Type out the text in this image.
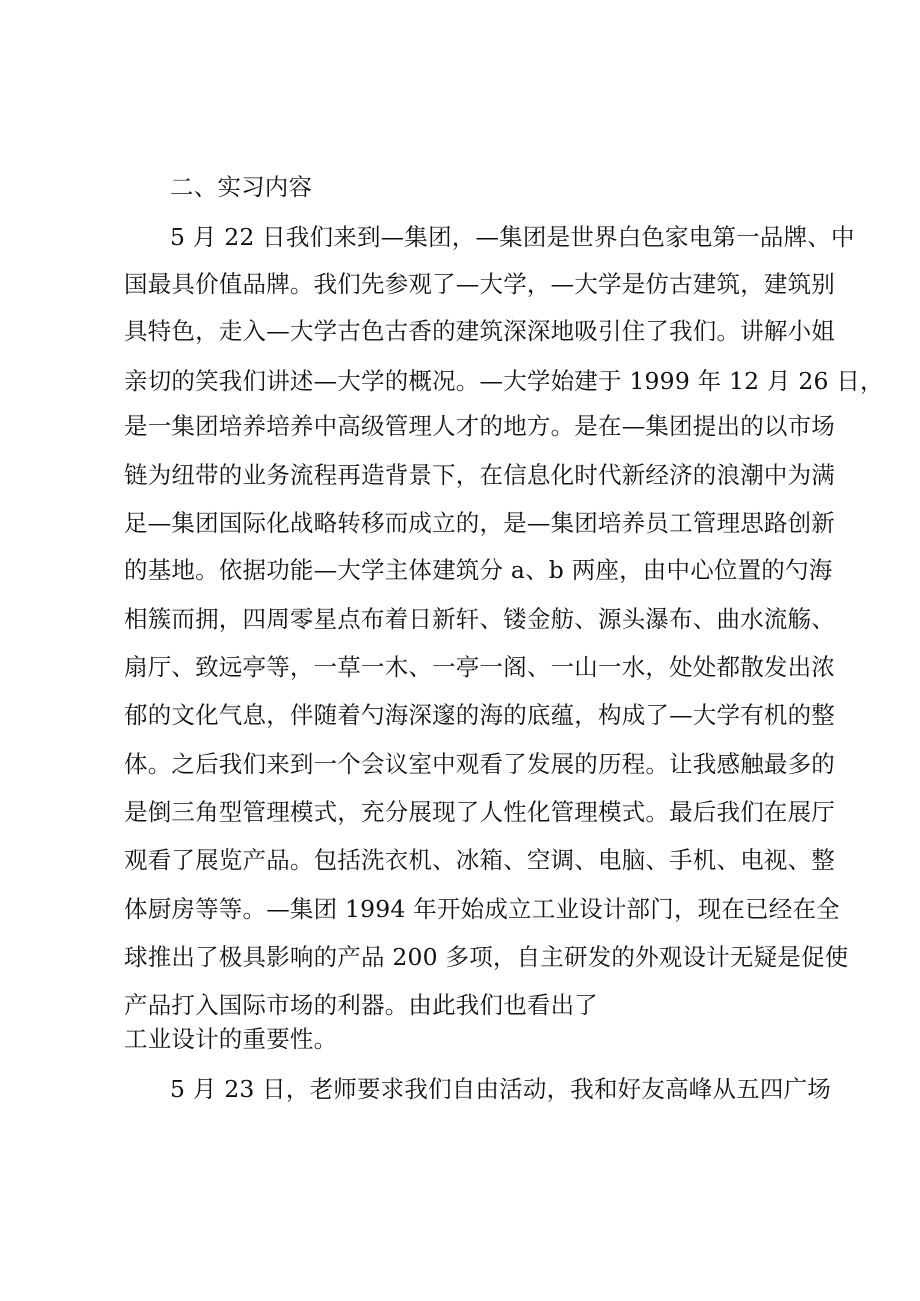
二、实习内容
5 月 22 日我们来到—集团，—集团是世界白色家电第一品牌、中
国最具价值品牌。我们先参观了—大学，—大学是仿古建筑，建筑别
具特色，走入—大学古色古香的建筑深深地吸引住了我们。讲解小姐
亲切的笑我们讲述—大学的概况。—大学始建于 1999 年 12 月 26 日，
是一集团培养培养中高级管理人才的地方。是在—集团提出的以市场
链为纽带的业务流程再造背景下，在信息化时代新经济的浪潮中为满
足—集团国际化战略转移而成立的，是—集团培养员工管理思路创新
的基地。依据功能—大学主体建筑分 a、b 两座，由中心位置的勺海
相簇而拥，四周零星点布着日新轩、镂金舫、源头瀑布、曲水流觞、
扇厅、致远亭等，一草一木、一亭一阁、一山一水，处处都散发出浓
郁的文化气息，伴随着勺海深邃的海的底蕴，构成了—大学有机的整
体。之后我们来到一个会议室中观看了发展的历程。让我感触最多的
是倒三角型管理模式，充分展现了人性化管理模式。最后我们在展厅
观看了展览产品。包括洗衣机、冰箱、空调、电脑、手机、电视、整
体厨房等等。—集团 1994 年开始成立工业设计部门，现在已经在全
球推出了极具影响的产品 200 多项，自主研发的外观设计无疑是促使
产品打入国际市场的利器。由此我们也看出了
工业设计的重要性。
5 月 23 日，老师要求我们自由活动，我和好友高峰从五四广场
